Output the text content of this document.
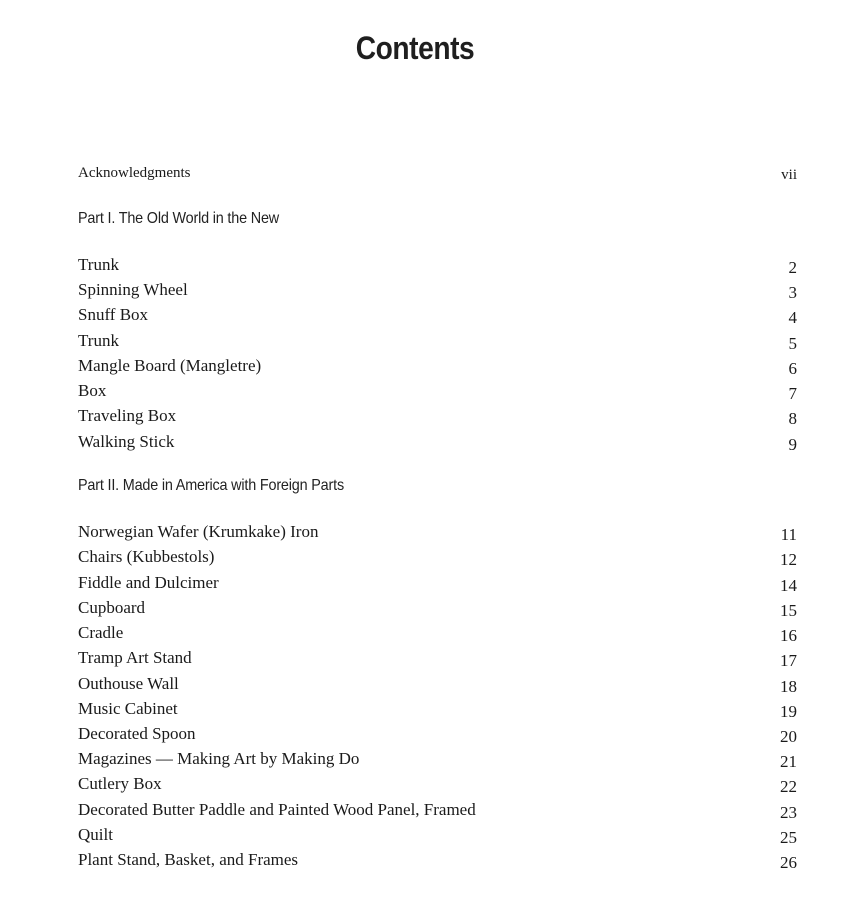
Contents
Acknowledgments	vii
Part I. The Old World in the New
Trunk	2
Spinning Wheel	3
Snuff Box	4
Trunk	5
Mangle Board (Mangletre)	6
Box	7
Traveling Box	8
Walking Stick	9
Part II. Made in America with Foreign Parts
Norwegian Wafer (Krumkake) Iron	11
Chairs (Kubbestols)	12
Fiddle and Dulcimer	14
Cupboard	15
Cradle	16
Tramp Art Stand	17
Outhouse Wall	18
Music Cabinet	19
Decorated Spoon	20
Magazines — Making Art by Making Do	21
Cutlery Box	22
Decorated Butter Paddle and Painted Wood Panel, Framed	23
Quilt	25
Plant Stand, Basket, and Frames	26
